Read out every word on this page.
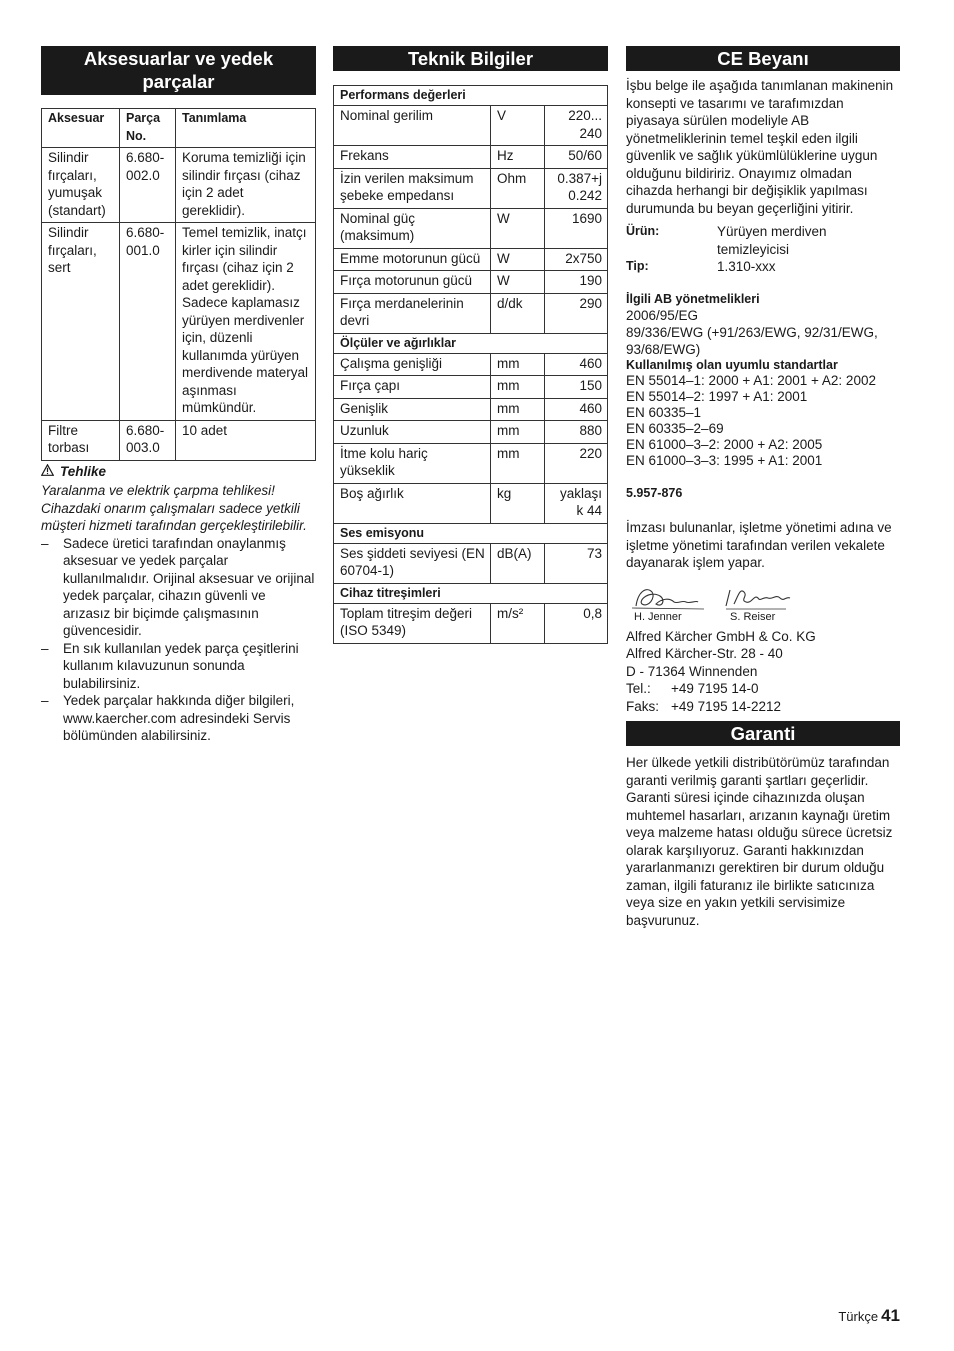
Aksesuarlar ve yedek parçalar
Aksesuar	Parça No.	Tanımlama
Silindir fırçaları, yumuşak (standart)	6.680-002.0	Koruma temizliği için silindir fırçası (cihaz için 2 adet gereklidir).
Silindir fırçaları, sert	6.680-001.0	Temel temizlik, inatçı kirler için silindir fırçası (cihaz için 2 adet gereklidir). Sadece kaplamasız yürüyen merdivenler için, düzenli kullanımda yürüyen merdivende materyal aşınması mümkündür.
Filtre torbası	6.680-003.0	10 adet
Tehlike

Yaralanma ve elektrik çarpma tehlikesi! Cihazdaki onarım çalışmaları sadece yetkili müşteri hizmeti tarafından gerçekleştirilebilir.

– Sadece üretici tarafından onaylanmış aksesuar ve yedek parçalar kullanılmalıdır. Orijinal aksesuar ve orijinal yedek parçalar, cihazın güvenli ve arızasız bir biçimde çalışmasının güvencesidir.
– En sık kullanılan yedek parça çeşitlerini kullanım kılavuzunun sonunda bulabilirsiniz.
– Yedek parçalar hakkında diğer bilgileri, www.kaercher.com adresindeki Servis bölümünden alabilirsiniz.
Teknik Bilgiler
Performans değerleri		
Nominal gerilim	V	220...
240
Frekans	Hz	50/60
İzin verilen maksimum şebeke empedansı	Ohm	0.387+j
0.242
Nominal güç (maksimum)	W	1690
Emme motorunun gücü	W	2x750
Fırça motorunun gücü	W	190
Fırça merdanelerinin devri	d/dk	290
Ölçüler ve ağırlıklar		
Çalışma genişliği	mm	460
Fırça çapı	mm	150
Genişlik	mm	460
Uzunluk	mm	880
İtme kolu hariç yükseklik	mm	220
Boş ağırlık	kg	yaklaşı
k 44
Ses emisyonu		
Ses şiddeti seviyesi (EN 60704-1)	dB(A)	73
Cihaz titreşimleri		
Toplam titreşim değeri (ISO 5349)	m/s²	0,8
CE Beyanı

İşbu belge ile aşağıda tanımlanan makinenin konsepti ve tasarımı ve tarafımızdan piyasaya sürülen modeliyle AB yönetmeliklerinin temel teşkil eden ilgili güvenlik ve sağlık yükümlülüklerine uygun olduğunu bildiririz. Onayımız olmadan cihazda herhangi bir değişiklik yapılması durumunda bu beyan geçerliğini yitirir.

Ürün:	Yürüyen merdiven temizleyicisi
Tip:	1.310-xxx
İlgili AB yönetmelikleri

2006/95/EG

89/336/EWG (+91/263/EWG, 92/31/EWG, 93/68/EWG)

Kullanılmış olan uyumlu standartlar

EN 55014–1: 2000 + A1: 2001 + A2: 2002

EN 55014–2: 1997 + A1: 2001

EN 60335–1

EN 60335–2–69

EN 61000–3–2: 2000 + A2: 2005

EN 61000–3–3: 1995 + A1: 2001

5.957-876

İmzası bulunanlar, işletme yönetimi adına ve işletme yönetimi tarafından verilen vekalete dayanarak işlem yapar.

H. Jenner	S. Reiser

Alfred Kärcher GmbH & Co. KG

Alfred Kärcher-Str. 28 - 40

D - 71364 Winnenden

Tel.: +49 7195 14-0
Faks: +49 7195 14-2212
Garanti

Her ülkede yetkili distribütörümüz tarafından garanti verilmiş garanti şartları geçerlidir. Garanti süresi içinde cihazınızda oluşan muhtemel hasarları, arızanın kaynağı üretim veya malzeme hatası olduğu sürece ücretsiz olarak karşılıyoruz. Garanti hakkınızdan yararlanmanızı gerektiren bir durum olduğu zaman, ilgili faturanız ile birlikte satıcınıza veya size en yakın yetkili servisimize başvurunuz.

Türkçe 41
